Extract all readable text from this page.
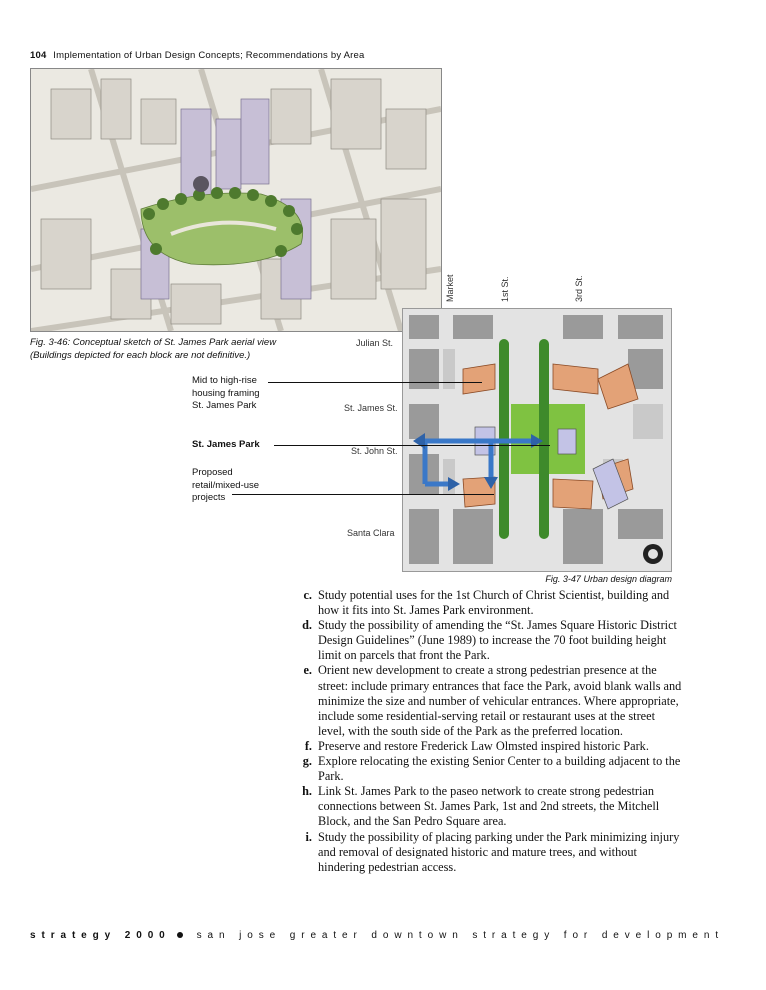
104 Implementation of Urban Design Concepts; Recommendations by Area
Fig. 3-46: Conceptual sketch of St. James Park aerial view
(Buildings depicted for each block are not definitive.)
Market	1st St.	3rd St.
Julian St.
St. James St.
St. John St.
Santa Clara
Mid to high-rise
housing framing
St. James Park
St. James Park
Proposed
retail/mixed-use
projects
Fig. 3-47 Urban design diagram
c. Study potential uses for the 1st Church of Christ Scientist, building and how it fits into St. James Park environment.
d. Study the possibility of amending the “St. James Square Historic District Design Guidelines” (June 1989) to increase the 70 foot building height limit on parcels that front the Park.
e. Orient new development to create a strong pedestrian presence at the street: include primary entrances that face the Park, avoid blank walls and minimize the size and number of vehicular entrances. Where appropriate, include some residential-serving retail or restaurant uses at the street level, with the south side of the Park as the preferred location.
f. Preserve and restore Frederick Law Olmsted inspired historic Park.
g. Explore relocating the existing Senior Center to a building adjacent to the Park.
h. Link St. James Park to the paseo network to create strong pedestrian connections between St. James Park, 1st and 2nd streets, the Mitchell Block, and the San Pedro Square area.
i. Study the possibility of placing parking under the Park minimizing injury and removal of designated historic and mature trees, and without hindering pedestrian access.
strategy 2000	san jose greater downtown strategy for development
